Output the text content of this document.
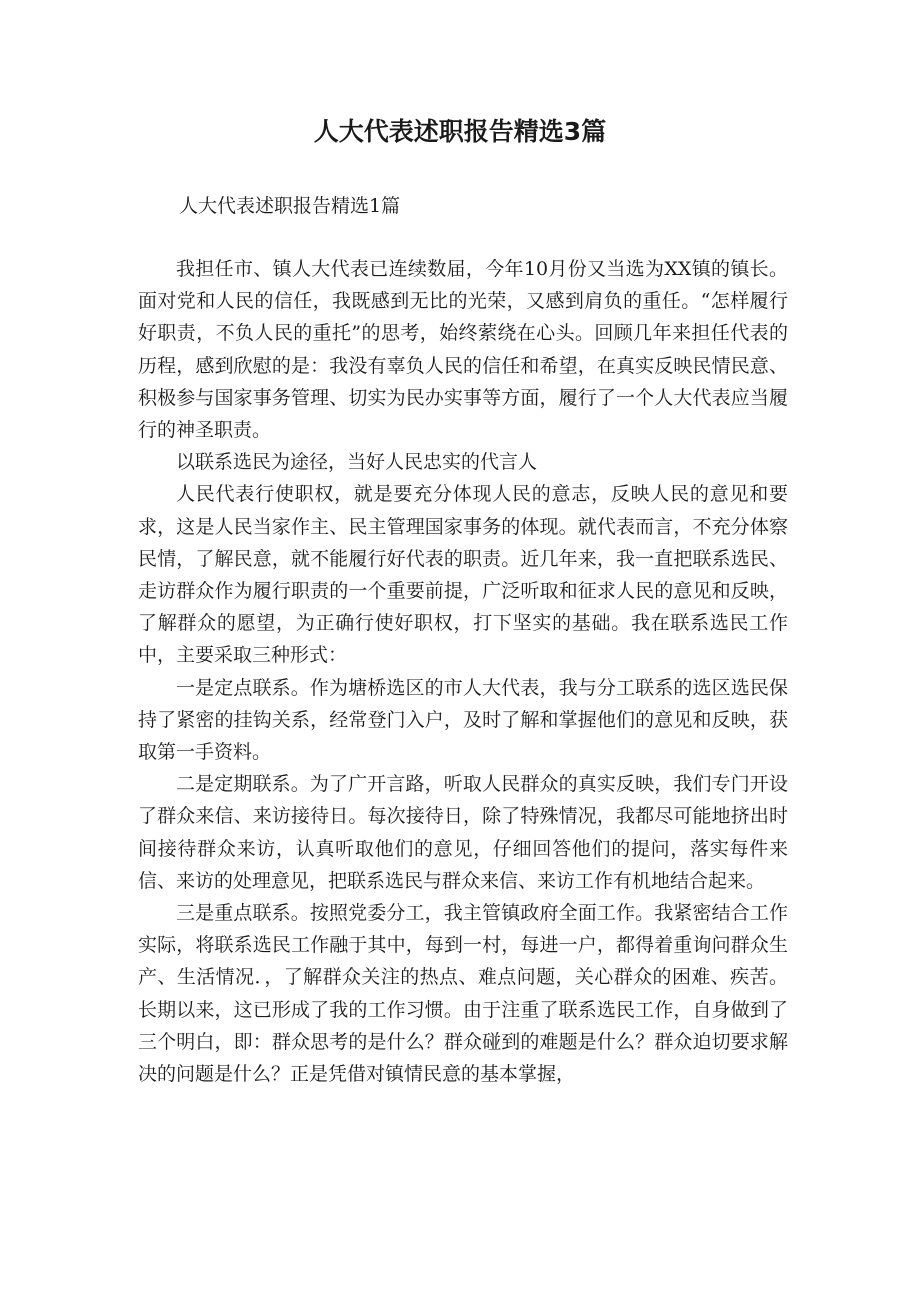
人大代表述职报告精选3篇

人大代表述职报告精选1篇

我担任市、镇人大代表已连续数届，今年10月份又当选为XX镇的镇长。面对党和人民的信任，我既感到无比的光荣，又感到肩负的重任。“怎样履行好职责，不负人民的重托”的思考，始终萦绕在心头。回顾几年来担任代表的历程，感到欣慰的是：我没有辜负人民的信任和希望，在真实反映民情民意、积极参与国家事务管理、切实为民办实事等方面，履行了一个人大代表应当履行的神圣职责。

以联系选民为途径，当好人民忠实的代言人

人民代表行使职权，就是要充分体现人民的意志，反映人民的意见和要求，这是人民当家作主、民主管理国家事务的体现。就代表而言，不充分体察民情，了解民意，就不能履行好代表的职责。近几年来，我一直把联系选民、走访群众作为履行职责的一个重要前提，广泛听取和征求人民的意见和反映，了解群众的愿望，为正确行使好职权，打下坚实的基础。我在联系选民工作中，主要采取三种形式：

一是定点联系。作为塘桥选区的市人大代表，我与分工联系的选区选民保持了紧密的挂钩关系，经常登门入户，及时了解和掌握他们的意见和反映，获取第一手资料。

二是定期联系。为了广开言路，听取人民群众的真实反映，我们专门开设了群众来信、来访接待日。每次接待日，除了特殊情况，我都尽可能地挤出时间接待群众来访，认真听取他们的意见，仔细回答他们的提问，落实每件来信、来访的处理意见，把联系选民与群众来信、来访工作有机地结合起来。

三是重点联系。按照党委分工，我主管镇政府全面工作。我紧密结合工作实际，将联系选民工作融于其中，每到一村，每进一户，都得着重询问群众生产、生活情况．，了解群众关注的热点、难点问题，关心群众的困难、疾苦。长期以来，这已形成了我的工作习惯。由于注重了联系选民工作，自身做到了三个明白，即：群众思考的是什么？群众碰到的难题是什么？群众迫切要求解决的问题是什么？正是凭借对镇情民意的基本掌握，
